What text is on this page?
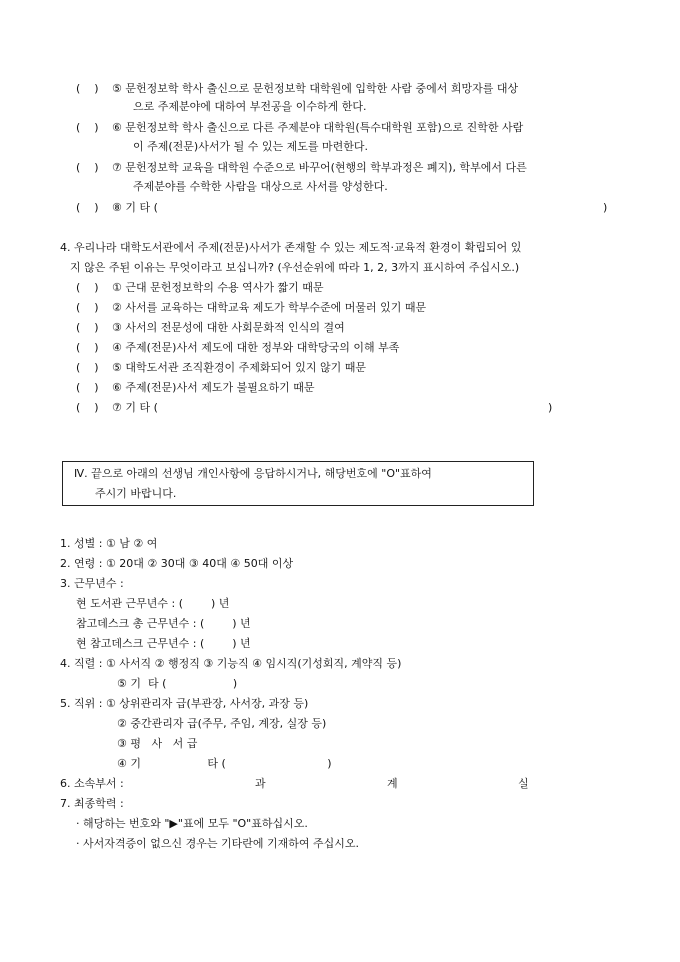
(    ) ⑤ 문헌정보학 학사 출신으로 문헌정보학 대학원에 입학한 사람 중에서 희망자를 대상
으로 주제분야에 대하여 부전공을 이수하게 한다.
(    ) ⑥ 문헌정보학 학사 출신으로 다른 주제분야 대학원(특수대학원 포함)으로 진학한 사람
이 주제(전문)사서가 될 수 있는 제도를 마련한다.
(    ) ⑦ 문헌정보학 교육을 대학원 수준으로 바꾸어(현행의 학부과정은 폐지), 학부에서 다른
주제분야를 수학한 사람을 대상으로 사서를 양성한다.
(    ) ⑧ 기 타 (	)
4. 우리나라 대학도서관에서 주제(전문)사서가 존재할 수 있는 제도적·교육적 환경이 확립되어 있
지 않은 주된 이유는 무엇이라고 보십니까? (우선순위에 따라 1, 2, 3까지 표시하여 주십시오.)
(    ) ① 근대 문헌정보학의 수용 역사가 짧기 때문
(    ) ② 사서를 교육하는 대학교육 제도가 학부수준에 머물러 있기 때문
(    ) ③ 사서의 전문성에 대한 사회문화적 인식의 결여
(    ) ④ 주제(전문)사서 제도에 대한 정부와 대학당국의 이해 부족
(    ) ⑤ 대학도서관 조직환경이 주제화되어 있지 않기 때문
(    ) ⑥ 주제(전문)사서 제도가 불필요하기 때문
(    ) ⑦ 기 타 (	)
Ⅳ. 끝으로 아래의 선생님 개인사항에 응답하시거나, 해당번호에 "O"표하여
주시기 바랍니다.
1. 성별 : ① 남 ② 여
2. 연령 : ① 20대 ② 30대 ③ 40대 ④ 50대 이상
3. 근무년수 :
현 도서관 근무년수 : (        ) 년
참고데스크 총 근무년수 : (        ) 년
현 참고데스크 근무년수 : (        ) 년
4. 직렬 : ① 사서직 ② 행정직 ③ 기능직 ④ 임시직(기성회직, 계약직 등)
⑤ 기  타 (                   )
5. 직위 : ① 상위관리자 급(부관장, 사서장, 과장 등)
② 중간관리자 급(주무, 주임, 계장, 실장 등)
③ 평   사   서 급
④ 기                   타 (                             )
6. 소속부서 :	과	계	실
7. 최종학력 :
· 해당하는 번호와 "▶"표에 모두 "O"표하십시오.
· 사서자격증이 없으신 경우는 기타란에 기재하여 주십시오.
